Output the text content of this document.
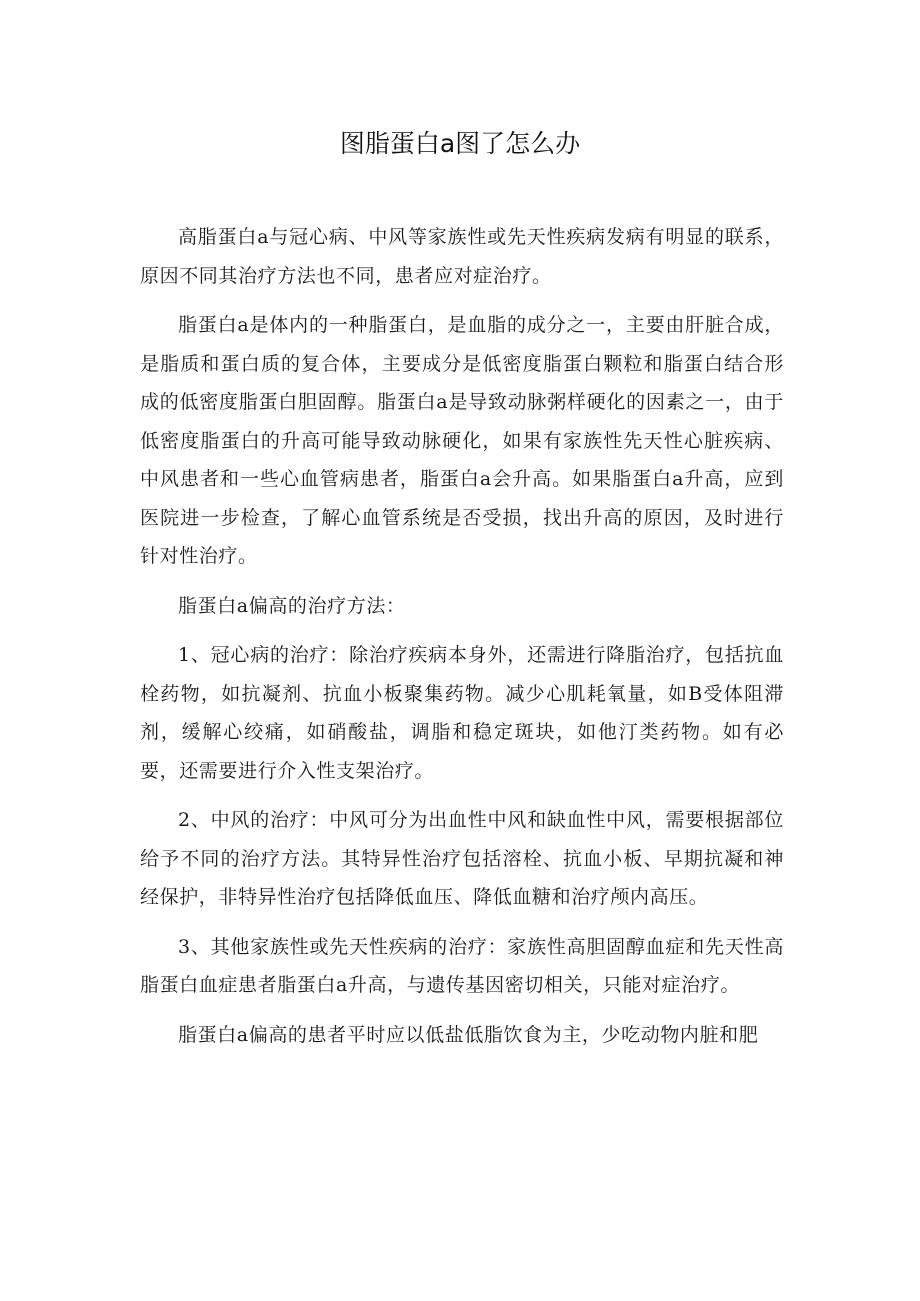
图脂蛋白a图了怎么办

高脂蛋白a与冠心病、中风等家族性或先天性疾病发病有明显的联系，原因不同其治疗方法也不同，患者应对症治疗。

脂蛋白a是体内的一种脂蛋白，是血脂的成分之一，主要由肝脏合成，是脂质和蛋白质的复合体，主要成分是低密度脂蛋白颗粒和脂蛋白结合形成的低密度脂蛋白胆固醇。脂蛋白a是导致动脉粥样硬化的因素之一，由于低密度脂蛋白的升高可能导致动脉硬化，如果有家族性先天性心脏疾病、中风患者和一些心血管病患者，脂蛋白a会升高。如果脂蛋白a升高，应到医院进一步检查，了解心血管系统是否受损，找出升高的原因，及时进行针对性治疗。

脂蛋白a偏高的治疗方法：

1、冠心病的治疗：除治疗疾病本身外，还需进行降脂治疗，包括抗血栓药物，如抗凝剂、抗血小板聚集药物。减少心肌耗氧量，如B受体阻滞剂，缓解心绞痛，如硝酸盐，调脂和稳定斑块，如他汀类药物。如有必要，还需要进行介入性支架治疗。

2、中风的治疗：中风可分为出血性中风和缺血性中风，需要根据部位给予不同的治疗方法。其特异性治疗包括溶栓、抗血小板、早期抗凝和神经保护，非特异性治疗包括降低血压、降低血糖和治疗颅内高压。

3、其他家族性或先天性疾病的治疗：家族性高胆固醇血症和先天性高脂蛋白血症患者脂蛋白a升高，与遗传基因密切相关，只能对症治疗。

脂蛋白a偏高的患者平时应以低盐低脂饮食为主，少吃动物内脏和肥
